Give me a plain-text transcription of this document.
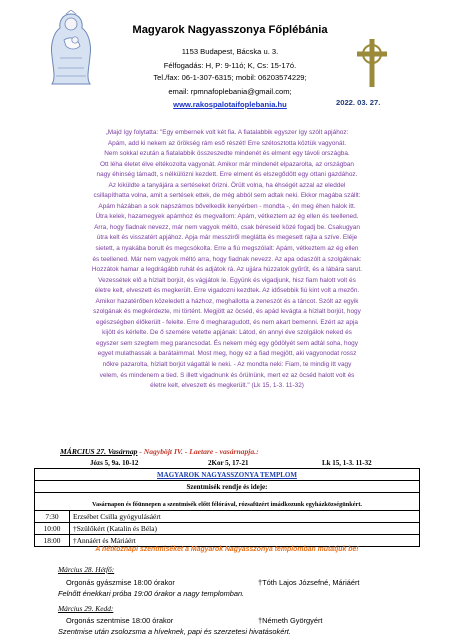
Magyarok Nagyasszonya Főplébánia
1153 Budapest, Bácska u. 3.
Félfogadás: H, P: 9-11ó; K, Cs: 15-17ó.
Tel./fax: 06-1-307-6315; mobil: 06203574229;
email: rpmnafoplebania@gmail.com;
www.rakospalotaifoplebania.hu	2022. 03. 27.
„Majd így folytatta: "Egy embernek volt két fia. A fiatalabbik egyszer így szólt apjához:
Apám, add ki nekem az örökség rám eső részét! Erre szétosztotta köztük vagyonát.
Nem sokkal ezután a fiatalabbik összeszedte mindenét és elment egy távoli országba.
Ott léha életet élve eltékozolta vagyonát. Amikor már mindenét elpazarolta, az országban
nagy éhinség támadt, s nélkülözni kezdett. Erre elment és elszegődött egy ottani gazdához.
Az kiküldte a tanyájára a sertéseket őrizni. Örült volna, ha éhségét azzal az eleddel
csillapíthatta volna, amit a sertések ettek, de még abból sem adtak neki. Ekkor magába szállt:
Apám házában a sok napszámos bővelkedik kenyérben - mondta -, én meg éhen halok itt.
Útra kelek, hazamegyek apámhoz és megvallom: Apám, vétkeztem az ég ellen és teellened.
Arra, hogy fiadnak nevezz, már nem vagyok méltó, csak béreseid közé fogadj be. Csakugyan
útra kelt és visszatért apjához. Apja már messziről meglátta és megesett rajta a szíve. Eléje
sietett, a nyakába borult és megcsókolta. Erre a fiú megszólalt: Apám, vétkeztem az ég ellen
és teellened. Már nem vagyok méltó arra, hogy fiadnak nevezz. Az apa odaszólt a szolgáknak:
Hozzátok hamar a legdrágább ruhát és adjátok rá. Az ujjára húzzatok gyűrűt, és a lábára sarut.
Vezessétek elő a hízlalt borjút, és vágjátok le. Együnk és vigadjunk, hisz fiam halott volt és
életre kelt, elveszett és megkerült. Erre vigadozni kezdtek. Az idősebbik fiú kint volt a mezőn.
Amikor hazatérőben közeledett a házhoz, meghallotta a zeneszót és a táncot. Szólt az egyik
szolgának és megkérdezte, mi történt. Megjött az öcséd, és apád levágta a hízlalt borjút, hogy
egészségben élőkerült - felelte. Erre ő megharagudott, és nem akart bemenni. Ezért az apja
kijött és kérlelte. De ő szemére vetette apjának: Látod, én annyi éve szolgálok neked és
egyszer sem szegtem meg parancsodat. És nekem még egy gödölyét sem adtál soha, hogy
egyet mulathassak a barátaimmal. Most meg, hogy ez a fiad megjött, aki vagyonodat rossz
nőkre pazarolta, hízlalt borjút vágattál le neki. - Az mondta neki: Fiam, te mindig itt vagy
velem, és mindenem a tied. S illett vigadnunk és örülnünk, mert ez az öcséd halott volt és
életre kelt, elveszett és megkerült." (Lk 15, 1-3. 11-32)
MÁRCIUS 27. Vasárnap - Nagyböjt IV. - Laetare - vasárnapja.:
Józs 5, 9a. 10-12	2Kor 5, 17-21	Lk 15, 1-3. 11-32
MAGYAROK NAGYASSZONYA TEMPLOM	
Szentmisék rendje és ideje:	

Vasárnapon és főünnepen a szentmisék előtt félórával, rózsafüzért imádkozunk egyházközségünkért.	
7:30	Erzsébet Csilla gyógyulásáért
10:00	†Szülőkért (Katalin és Béla)
18:00	†Annáért és Máriáért
A hétköznapi szentmiséket a Magyarok Nagyasszonya templomban mutatjuk be!
Március 28. Hétfő:
Orgonás gyászmise 18:00 órakor	†Tóth Lajos Józsefné, Máriáért
Felnőtt énekkari próba 19:00 órakor a nagy templomban.
Március 29. Kedd:
Orgonás szentmise 18:00 órakor	†Németh Györgyért
Szentmise után zsolozsma a híveknek, papi és szerzetesi hivatásokért.
